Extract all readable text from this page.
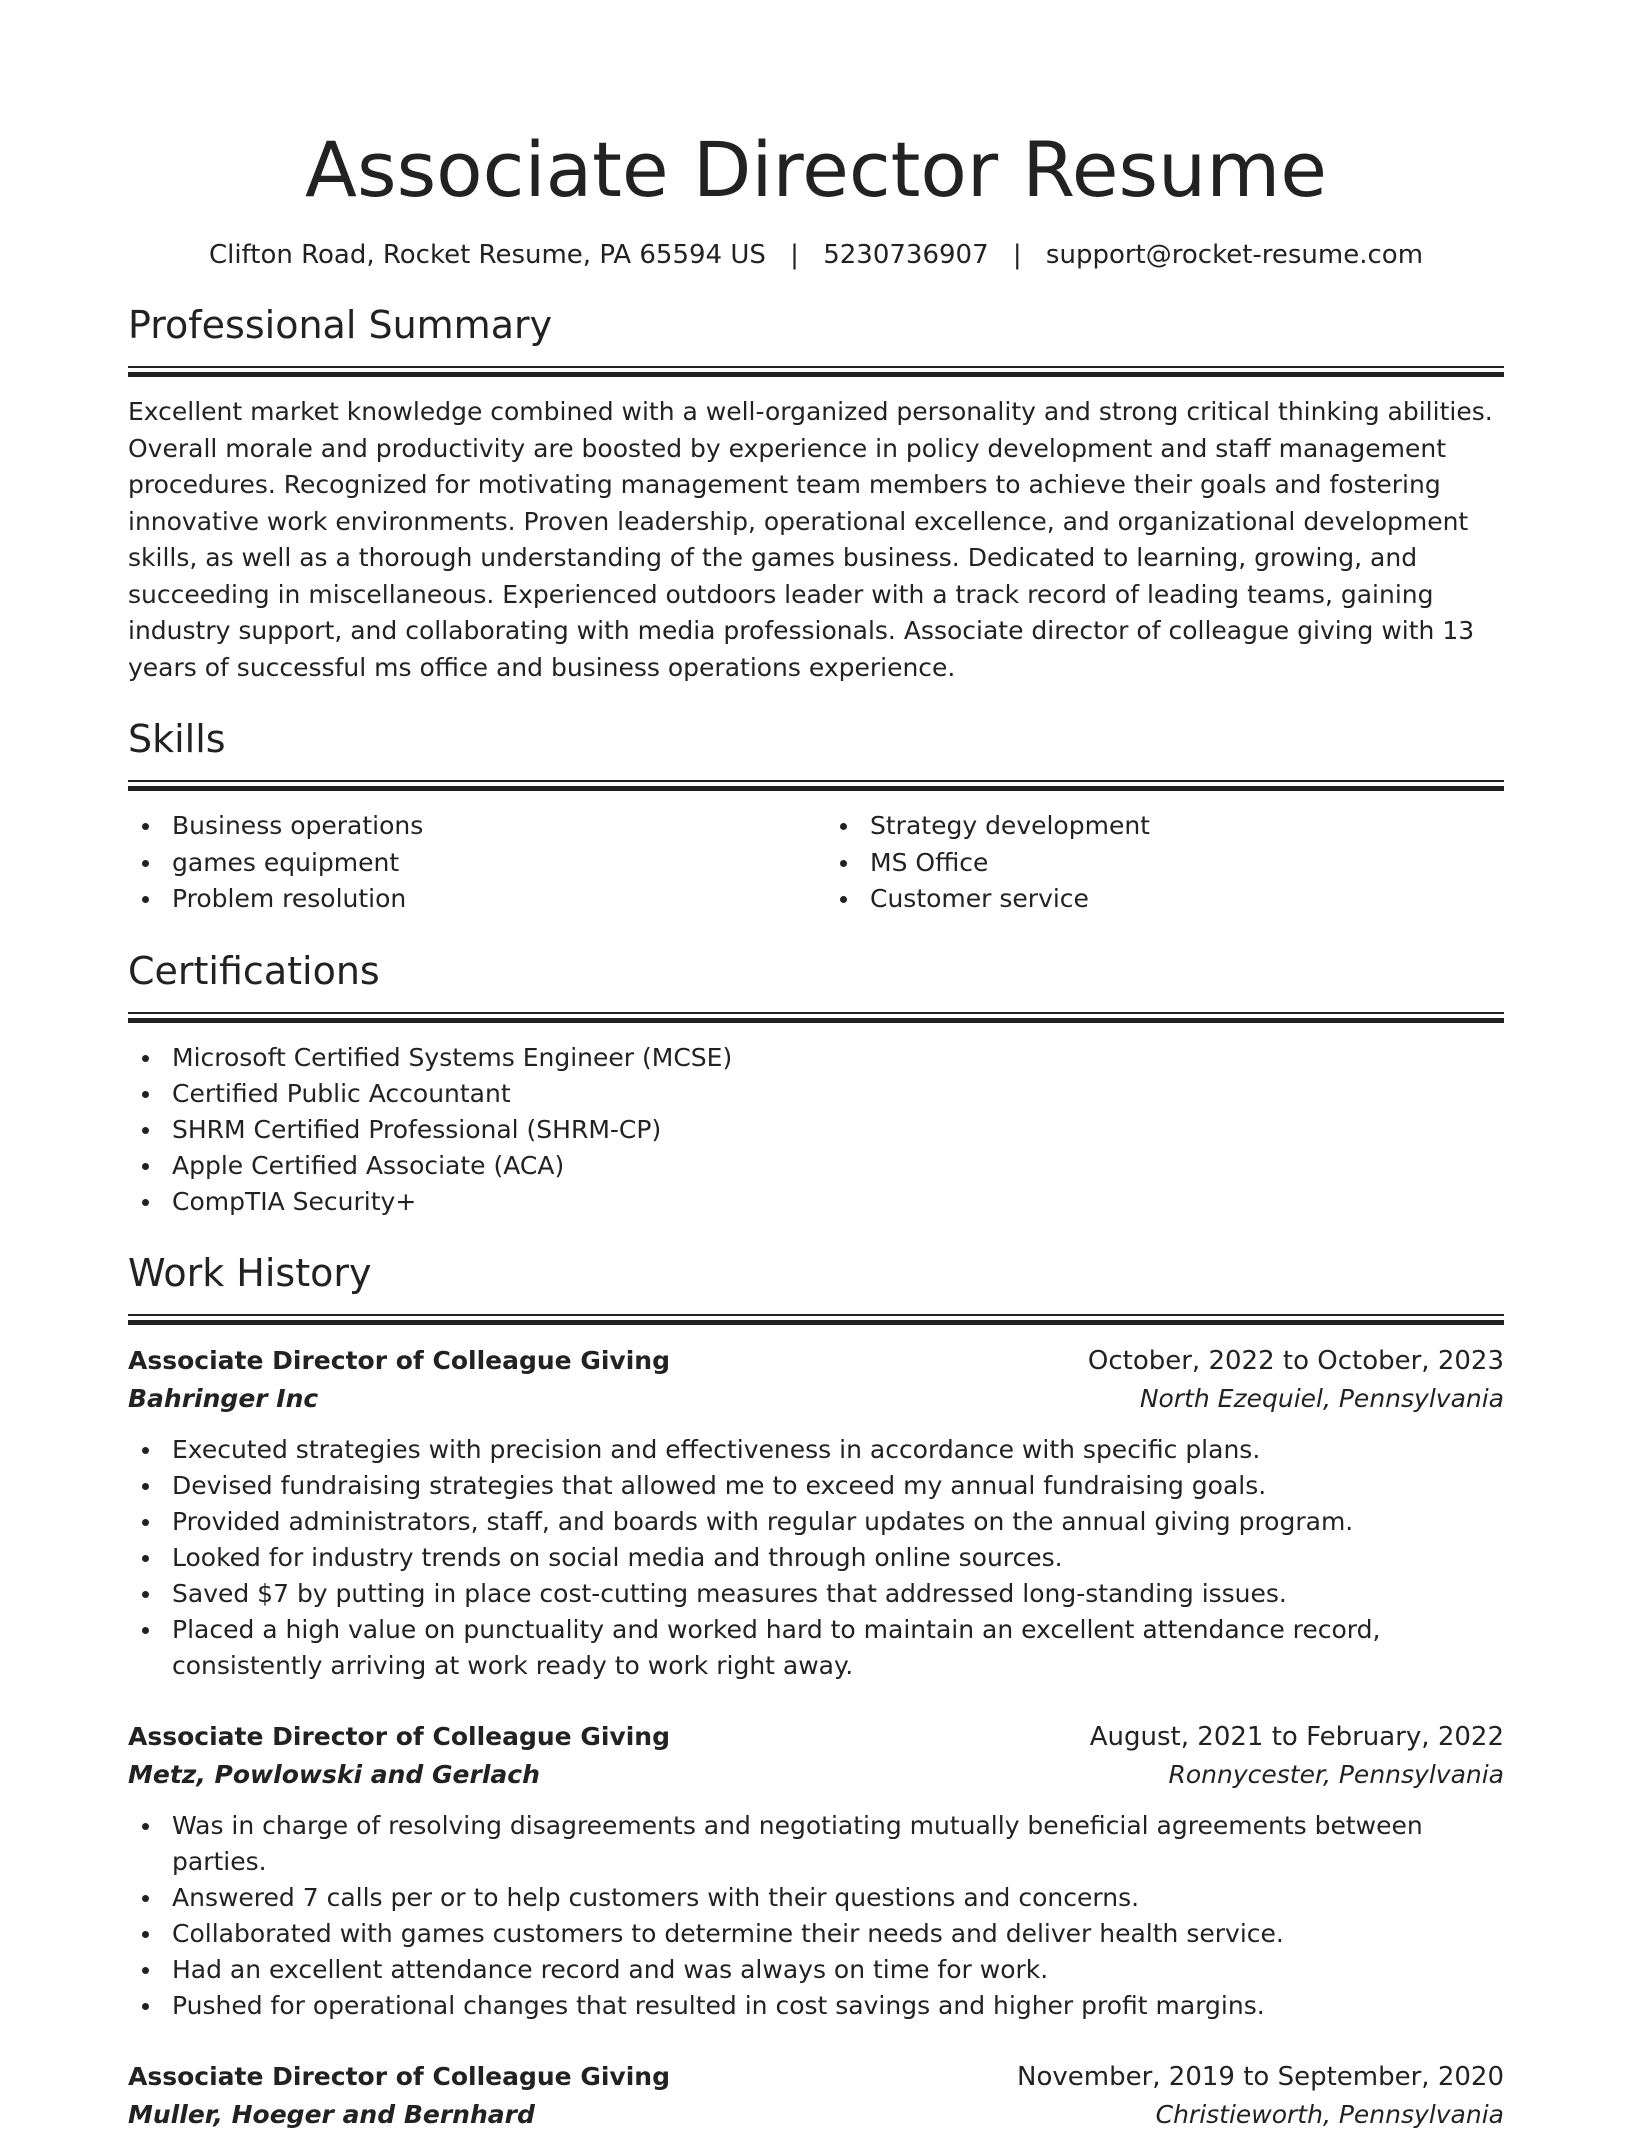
Associate Director Resume
Clifton Road, Rocket Resume, PA 65594 US | 5230736907 | support@rocket-resume.com
Professional Summary

Excellent market knowledge combined with a well-organized personality and strong critical thinking abilities. Overall morale and productivity are boosted by experience in policy development and staff management procedures. Recognized for motivating management team members to achieve their goals and fostering innovative work environments. Proven leadership, operational excellence, and organizational development skills, as well as a thorough understanding of the games business. Dedicated to learning, growing, and succeeding in miscellaneous. Experienced outdoors leader with a track record of leading teams, gaining industry support, and collaborating with media professionals. Associate director of colleague giving with 13 years of successful ms office and business operations experience.

Skills
Business operations
games equipment
Problem resolution
Strategy development
MS Office
Customer service
Certifications
Microsoft Certified Systems Engineer (MCSE)
Certified Public Accountant
SHRM Certified Professional (SHRM-CP)
Apple Certified Associate (ACA)
CompTIA Security+
Work History
Associate Director of Colleague Giving	October, 2022 to October, 2023
Bahringer Inc	North Ezequiel, Pennsylvania
Executed strategies with precision and effectiveness in accordance with specific plans.
Devised fundraising strategies that allowed me to exceed my annual fundraising goals.
Provided administrators, staff, and boards with regular updates on the annual giving program.
Looked for industry trends on social media and through online sources.
Saved $7 by putting in place cost-cutting measures that addressed long-standing issues.
Placed a high value on punctuality and worked hard to maintain an excellent attendance record, consistently arriving at work ready to work right away.
Associate Director of Colleague Giving	August, 2021 to February, 2022
Metz, Powlowski and Gerlach	Ronnycester, Pennsylvania
Was in charge of resolving disagreements and negotiating mutually beneficial agreements between parties.
Answered 7 calls per or to help customers with their questions and concerns.
Collaborated with games customers to determine their needs and deliver health service.
Had an excellent attendance record and was always on time for work.
Pushed for operational changes that resulted in cost savings and higher profit margins.
Associate Director of Colleague Giving	November, 2019 to September, 2020
Muller, Hoeger and Bernhard	Christieworth, Pennsylvania
